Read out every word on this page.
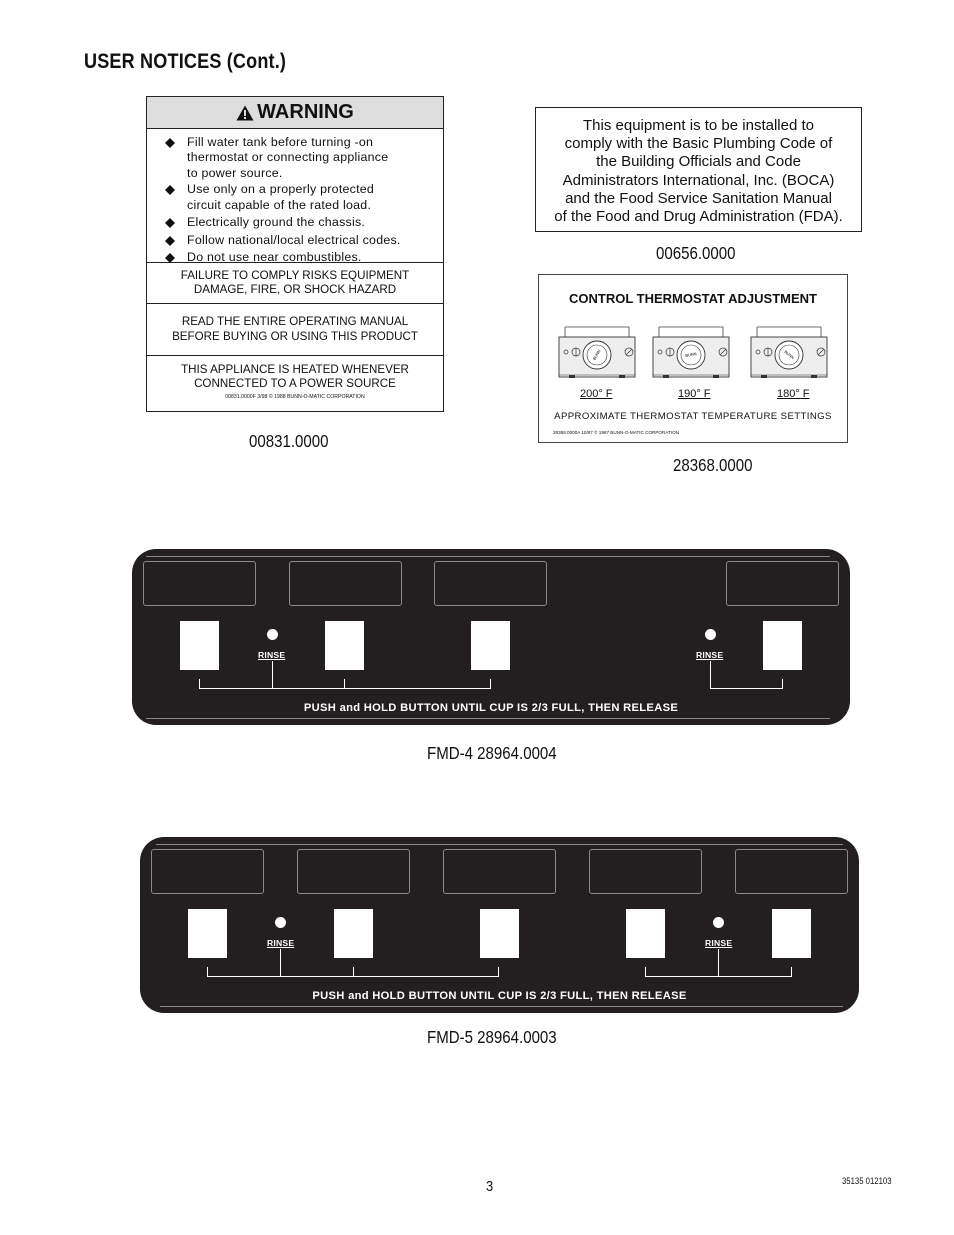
USER NOTICES (Cont.)
WARNING
Fill water tank before turning -on
thermostat or connecting appliance
to power source.
Use only on a properly protected
circuit capable of the rated load.
Electrically ground the chassis.
Follow national/local electrical codes.
Do not use near combustibles.
FAILURE TO COMPLY RISKS EQUIPMENT
DAMAGE, FIRE, OR SHOCK HAZARD
READ THE ENTIRE OPERATING MANUAL
BEFORE BUYING OR USING THIS PRODUCT
THIS APPLIANCE IS HEATED WHENEVER
CONNECTED TO A POWER SOURCE
00831.0000F 3/98 © 1988 BUNN-O-MATIC CORPORATION
00831.0000
This equipment is to be installed to
comply with the Basic Plumbing Code of
the Building Officials and Code
Administrators International, Inc. (BOCA)
and the Food Service Sanitation Manual
of the Food and Drug Administration (FDA).
00656.0000
CONTROL THERMOSTAT ADJUSTMENT
BUNN	BUNN	BUNN
200° F	190° F	180° F
APPROXIMATE THERMOSTAT TEMPERATURE SETTINGS
28368.0000A 10/97 © 1997 BUNN-O-MATIC CORPORATION
28368.0000
RINSE	RINSE
PUSH and HOLD BUTTON UNTIL CUP IS 2/3 FULL, THEN RELEASE
FMD-4 28964.0004
RINSE	RINSE
PUSH and HOLD BUTTON UNTIL CUP IS 2/3 FULL, THEN RELEASE
FMD-5 28964.0003
3	35135 012103
